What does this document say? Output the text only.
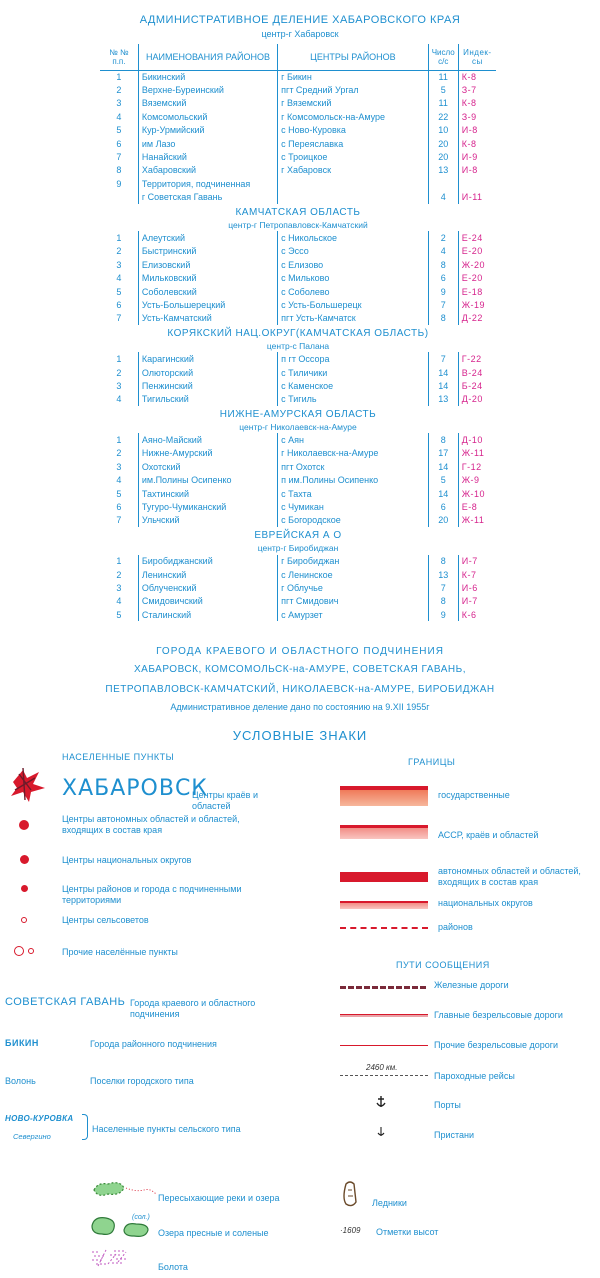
АДМИНИСТРАТИВНОЕ ДЕЛЕНИЕ ХАБАРОВСКОГО КРАЯ
центр-г Хабаровск
№ № п.п.	НАИМЕНОВАНИЯ РАЙОНОВ	ЦЕНТРЫ РАЙОНОВ	Число с/с	Индек- сы
1	Бикинский	г Бикин	11	К-8
2	Верхне-Буреинский	пгт Средний Ургал	5	З-7
3	Вяземский	г Вяземский	11	К-8
4	Комсомольский	г Комсомольск-на-Амуре	22	З-9
5	Кур-Урмийский	с Ново-Куровка	10	И-8
6	им Лазо	с Переяславка	20	К-8
7	Нанайский	с Троицкое	20	И-9
8	Хабаровский	г Хабаровск	13	И-8
9	Территория, подчиненная			
	г Советская Гавань		4	И-11
КАМЧАТСКАЯ ОБЛАСТЬ				
центр-г Петропавловск-Камчатский				
1	Алеутский	с Никольское	2	Е-24
2	Быстринский	с Эссо	4	Е-20
3	Елизовский	с Елизово	8	Ж-20
4	Мильковский	с Мильково	6	Е-20
5	Соболевский	с Соболево	9	Е-18
6	Усть-Большерецкий	с Усть-Большерецк	7	Ж-19
7	Усть-Камчатский	пгт Усть-Камчатск	8	Д-22
КОРЯКСКИЙ НАЦ.ОКРУГ(КАМЧАТСКАЯ ОБЛАСТЬ)				
центр-с Палана				
1	Карагинский	п гт Оссора	7	Г-22
2	Олюторский	с Тиличики	14	В-24
3	Пенжинский	с Каменское	14	Б-24
4	Тигильский	с Тигиль	13	Д-20
НИЖНЕ-АМУРСКАЯ ОБЛАСТЬ				
центр-г Николаевск-на-Амуре				
1	Аяно-Майский	с Аян	8	Д-10
2	Нижне-Амурский	г Николаевск-на-Амуре	17	Ж-11
3	Охотский	пгт Охотск	14	Г-12
4	им.Полины Осипенко	п им.Полины Осипенко	5	Ж-9
5	Тахтинский	с Тахта	14	Ж-10
6	Тугуро-Чумиканский	с Чумикан	6	Е-8
7	Ульчский	с Богородское	20	Ж-11
ЕВРЕЙСКАЯ А О				
центр-г Биробиджан				
1	Биробиджанский	г Биробиджан	8	И-7
2	Ленинский	с Ленинское	13	К-7
3	Облученский	г Облучье	7	И-6
4	Смидовичский	пгт Смидович	8	И-7
5	Сталинский	с Амурзет	9	К-6
ГОРОДА КРАЕВОГО И ОБЛАСТНОГО ПОДЧИНЕНИЯ
ХАБАРОВСК, КОМСОМОЛЬСК-на-АМУРЕ, СОВЕТСКАЯ ГАВАНЬ,
ПЕТРОПАВЛОВСК-КАМЧАТСКИЙ, НИКОЛАЕВСК-на-АМУРЕ, БИРОБИДЖАН
Административное деление дано по состоянию на 9.XII 1955г
УСЛОВНЫЕ ЗНАКИ
НАСЕЛЕННЫЕ ПУНКТЫ
ХАБАРОВСК
Центры краёв и областей
Центры автономных областей и областей, входящих в состав края
Центры национальных округов
Центры районов и города с подчиненными территориями
Центры сельсоветов
Прочие населённые пункты
ГРАНИЦЫ
государственные
АССР, краёв и областей
автономных областей и областей, входящих в состав края
национальных округов
районов
ПУТИ СООБЩЕНИЯ
Железные дороги
Главные безрельсовые дороги
Прочие безрельсовые дороги
2460 км.
Пароходные рейсы
Порты
Пристани
СОВЕТСКАЯ ГАВАНЬ Города краевого и областного подчинения
БИКИН	Города районного подчинения
Волонь	Поселки городского типа
НОВО-КУРОВКА
Севергино
Населенные пункты сельского типа
Пересыхающие реки и озера
(сол.)
Озера пресные и соленые
Болота
Ледники
·1609 Отметки высот
